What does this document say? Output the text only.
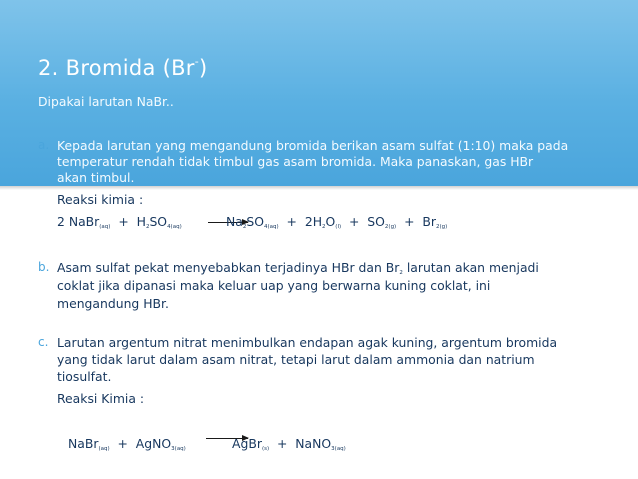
2. Bromida (Br-)
Dipakai larutan NaBr..
a. Kepada larutan yang mengandung bromida berikan asam sulfat (1:10) maka pada
temperatur rendah tidak timbul gas asam bromida. Maka panaskan, gas HBr
akan timbul.
Reaksi kimia :
2 NaBr$_{(aq)}$ + $H_2SO_{4(aq)}$	$Na_2SO_{4(aq)} + 2H_2O_{(l)} + SO_{2(g)} + Br_{2(g)}$
b. Asam sulfat pekat menyebabkan terjadinya HBr dan $Br_2$ larutan akan menjadi
coklat jika dipanasi maka keluar uap yang berwarna kuning coklat, ini
mengandung HBr.
c. Larutan argentum nitrat menimbulkan endapan agak kuning, argentum bromida
yang tidak larut dalam asam nitrat, tetapi larut dalam ammonia dan natrium
tiosulfat.
Reaksi Kimia :
NaBr$_{(aq)}$ + AgNO$_{3(aq)}$	AgBr$_{(s)}$ + NaNO$_{3(aq)}$
